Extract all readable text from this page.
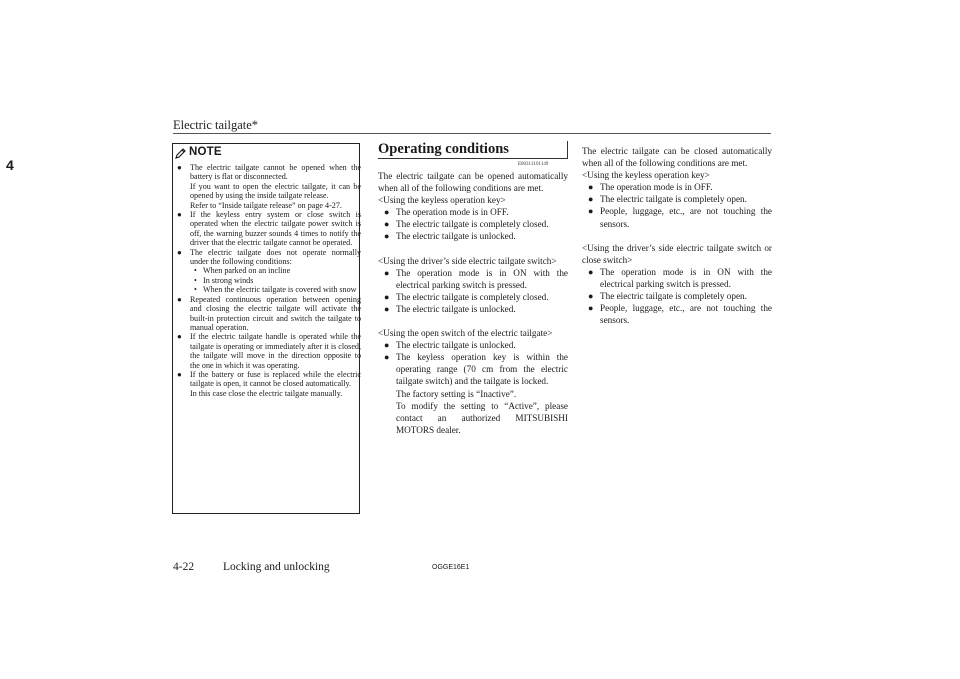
Electric tailgate*
4
NOTE
● The electric tailgate cannot be opened when the battery is flat or disconnected.
If you want to open the electric tailgate, it can be opened by using the inside tailgate release.
Refer to “Inside tailgate release” on page 4-27.
● If the keyless entry system or close switch is operated when the electric tailgate power switch is off, the warning buzzer sounds 4 times to notify the driver that the electric tailgate cannot be operated.
● The electric tailgate does not operate normally under the following conditions:
• When parked on an incline
• In strong winds
• When the electric tailgate is covered with snow
● Repeated continuous operation between opening and closing the electric tailgate will activate the built-in protection circuit and switch the tailgate to manual operation.
● If the electric tailgate handle is operated while the tailgate is operating or immediately after it is closed, the tailgate will move in the direction opposite to the one in which it was operating.
● If the battery or fuse is replaced while the electric tailgate is open, it cannot be closed automatically.
In this case close the electric tailgate manually.
Operating conditions
E00313101149

The electric tailgate can be opened automatically when all of the following conditions are met.

<Using the keyless operation key>

● The operation mode is in OFF.
● The electric tailgate is completely closed.
● The electric tailgate is unlocked.

<Using the driver’s side electric tailgate switch>

● The operation mode is in ON with the electrical parking switch is pressed.
● The electric tailgate is completely closed.
● The electric tailgate is unlocked.

<Using the open switch of the electric tailgate>

● The electric tailgate is unlocked.
● The keyless operation key is within the operating range (70 cm from the electric tailgate switch) and the tailgate is locked.
The factory setting is “Inactive”.
To modify the setting to “Active”, please contact an authorized MITSUBISHI MOTORS dealer.

The electric tailgate can be closed automatically when all of the following conditions are met.

<Using the keyless operation key>

● The operation mode is in OFF.
● The electric tailgate is completely open.
● People, luggage, etc., are not touching the sensors.

<Using the driver’s side electric tailgate switch or close switch>

● The operation mode is in ON with the electrical parking switch is pressed.
● The electric tailgate is completely open.
● People, luggage, etc., are not touching the sensors.
4-22	Locking and unlocking	OGGE16E1
